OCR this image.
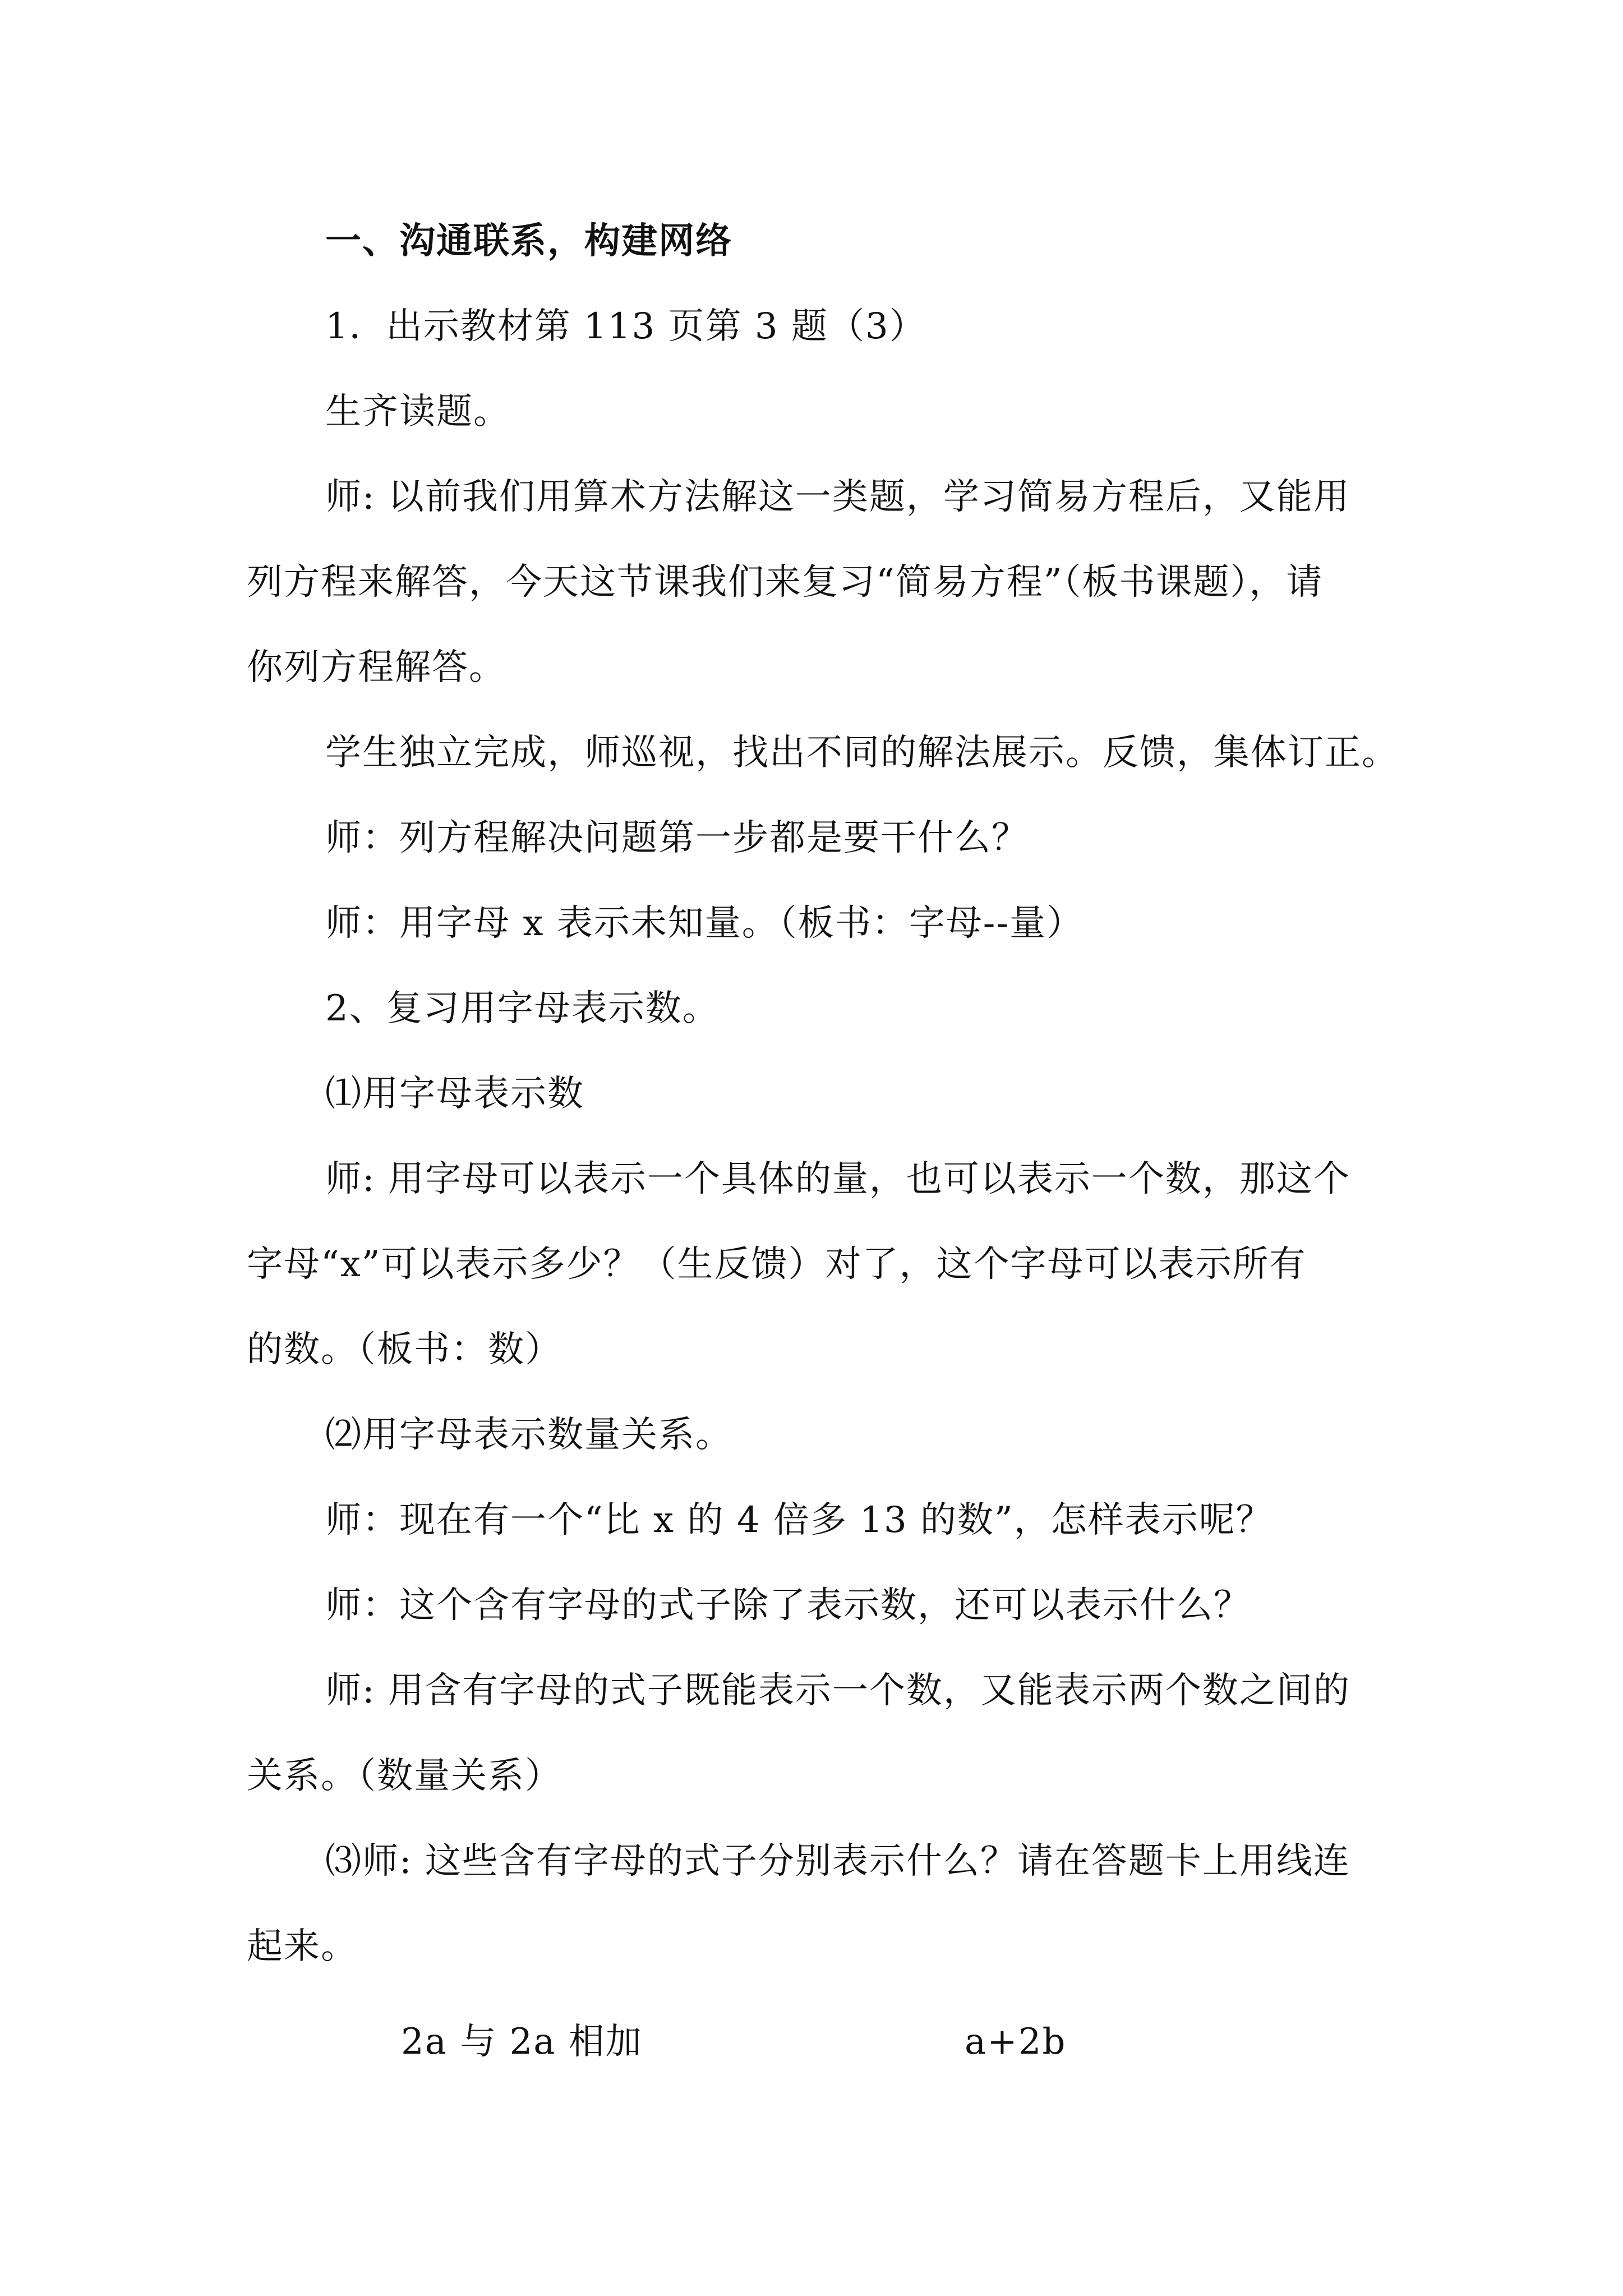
一、沟通联系，构建网络
1．出示教材第 113 页第 3 题（3）
生齐读题。
师: 以前我们用算术方法解这一类题，学习简易方程后，又能用
列方程来解答，今天这节课我们来复习“简易方程”（板书课题），请
你列方程解答。
学生独立完成，师巡视，找出不同的解法展示。反馈，集体订正。
师：列方程解决问题第一步都是要干什么？
师：用字母 x 表示未知量。（板书：字母--量）
2、复习用字母表示数。
⑴用字母表示数
师: 用字母可以表示一个具体的量，也可以表示一个数，那这个
字母“x”可以表示多少？（生反馈）对了，这个字母可以表示所有
的数。（板书：数）
⑵用字母表示数量关系。
师：现在有一个“比 x 的 4 倍多 13 的数”，怎样表示呢？
师：这个含有字母的式子除了表示数，还可以表示什么？
师: 用含有字母的式子既能表示一个数，又能表示两个数之间的
关系。（数量关系）
⑶师: 这些含有字母的式子分别表示什么？请在答题卡上用线连
起来。
2a 与 2a 相加	a+2b
